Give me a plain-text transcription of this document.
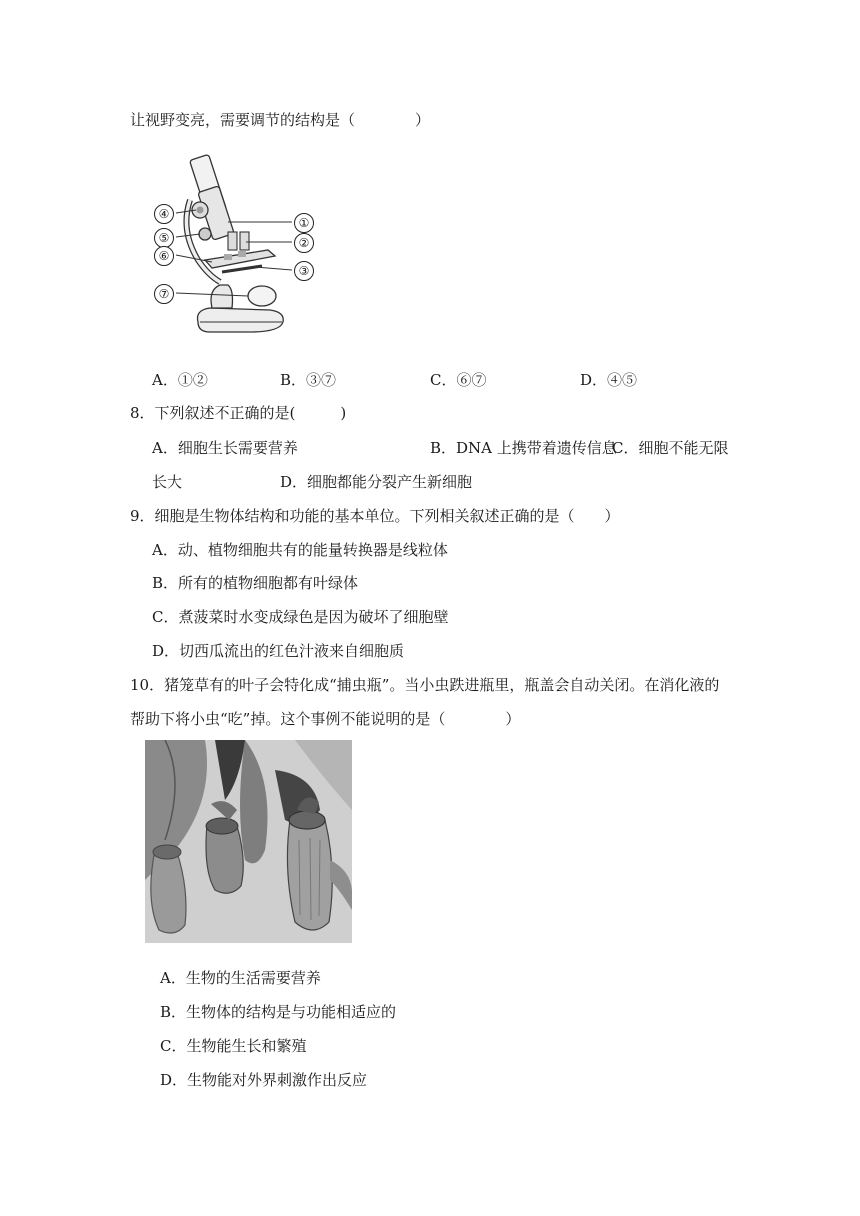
让视野变亮，需要调节的结构是（　　　　）
④
⑤
⑥
⑦
①
②
③
A．①②	B．③⑦	C．⑥⑦	D．④⑤
8．下列叙述不正确的是(　　　)
A．细胞生长需要营养	B．DNA 上携带着遗传信息
C．细胞不能无限
长大	D．细胞都能分裂产生新细胞
9．细胞是生物体结构和功能的基本单位。下列相关叙述正确的是（　　）
A．动、植物细胞共有的能量转换器是线粒体
B．所有的植物细胞都有叶绿体
C．煮菠菜时水变成绿色是因为破坏了细胞壁
D．切西瓜流出的红色汁液来自细胞质
10．猪笼草有的叶子会特化成“捕虫瓶”。当小虫跌进瓶里，瓶盖会自动关闭。在消化液的
帮助下将小虫“吃”掉。这个事例不能说明的是（　　　　）
A．生物的生活需要营养
B．生物体的结构是与功能相适应的
C．生物能生长和繁殖
D．生物能对外界刺激作出反应
